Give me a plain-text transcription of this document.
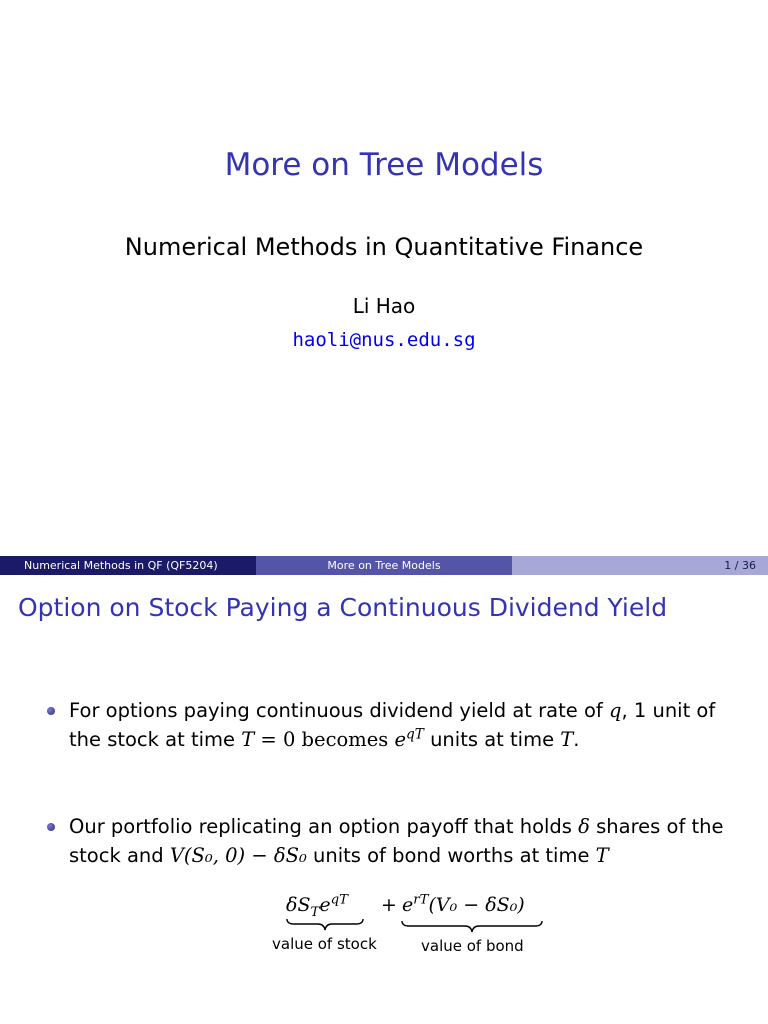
More on Tree Models
Numerical Methods in Quantitative Finance
Li Hao
haoli@nus.edu.sg
Numerical Methods in QF (QF5204)	More on Tree Models	1 / 36
Option on Stock Paying a Continuous Dividend Yield
For options paying continuous dividend yield at rate of q, 1 unit of
the stock at time T = 0 becomes $e^{qT}$ units at time T.
Our portfolio replicating an option payoff that holds δ shares of the
stock and V(S₀, 0) − δS₀ units of bond worths at time T
$\delta S_Te^{qT} + e^{rT}(V_0 - \delta S_0)$
value of stock	value of bond
